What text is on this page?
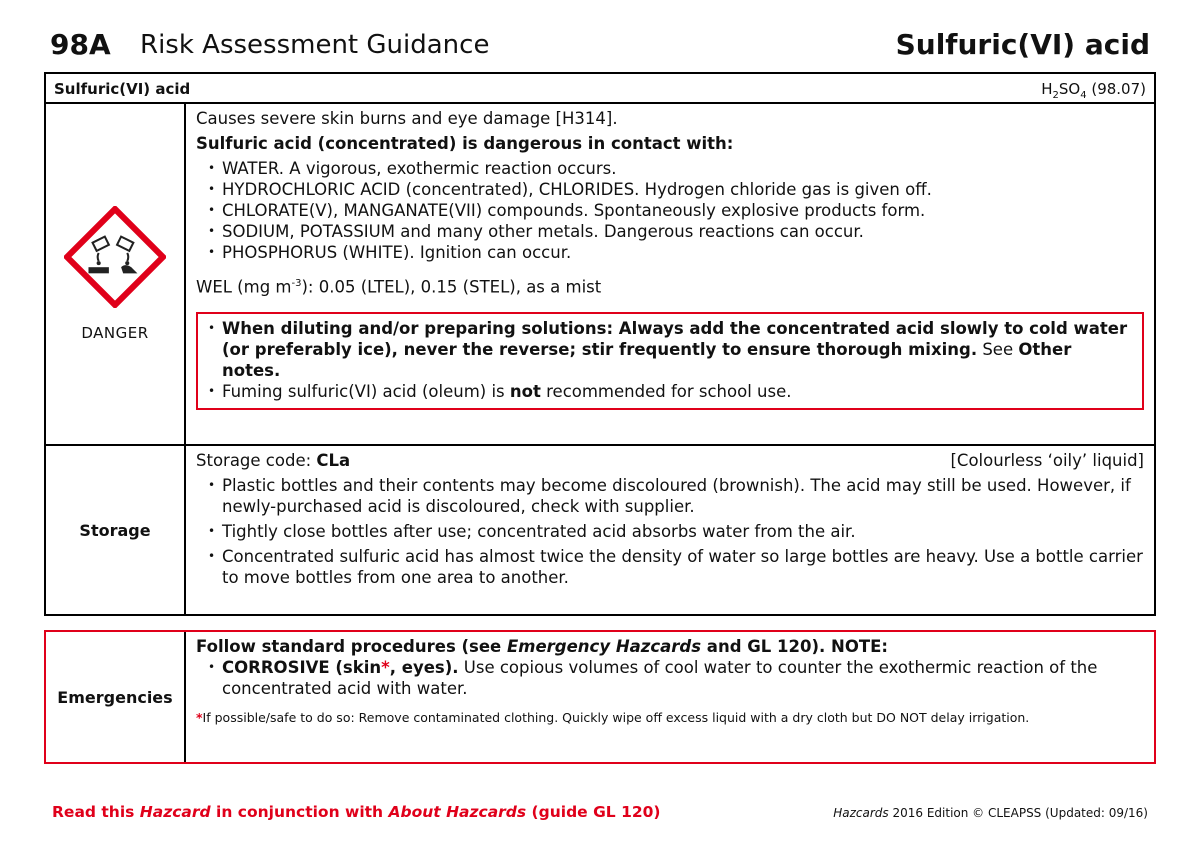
98A Risk Assessment Guidance	Sulfuric(VI) acid
Sulfuric(VI) acid	$H_2SO_4$ (98.07)
DANGER
Causes severe skin burns and eye damage [H314].
Sulfuric acid (concentrated) is dangerous in contact with:
• WATER. A vigorous, exothermic reaction occurs.
• HYDROCHLORIC ACID (concentrated), CHLORIDES. Hydrogen chloride gas is given off.
• CHLORATE(V), MANGANATE(VII) compounds. Spontaneously explosive products form.
• SODIUM, POTASSIUM and many other metals. Dangerous reactions can occur.
• PHOSPHORUS (WHITE). Ignition can occur.
WEL (mg $m^{-3}$): 0.05 (LTEL), 0.15 (STEL), as a mist
• When diluting and/or preparing solutions: Always add the concentrated acid slowly to cold water (or preferably ice), never the reverse; stir frequently to ensure thorough mixing. See Other notes.
• Fuming sulfuric(VI) acid (oleum) is not recommended for school use.
Storage
Storage code: CLa	[Colourless ‘oily’ liquid]
• Plastic bottles and their contents may become discoloured (brownish). The acid may still be used. However, if newly-purchased acid is discoloured, check with supplier.
• Tightly close bottles after use; concentrated acid absorbs water from the air.
• Concentrated sulfuric acid has almost twice the density of water so large bottles are heavy. Use a bottle carrier to move bottles from one area to another.
Emergencies
Follow standard procedures (see Emergency Hazcards and GL 120). NOTE:
• CORROSIVE (skin*, eyes). Use copious volumes of cool water to counter the exothermic reaction of the concentrated acid with water.
*If possible/safe to do so: Remove contaminated clothing. Quickly wipe off excess liquid with a dry cloth but DO NOT delay irrigation.
Read this Hazcard in conjunction with About Hazcards (guide GL 120)	Hazcards 2016 Edition © CLEAPSS (Updated: 09/16)
